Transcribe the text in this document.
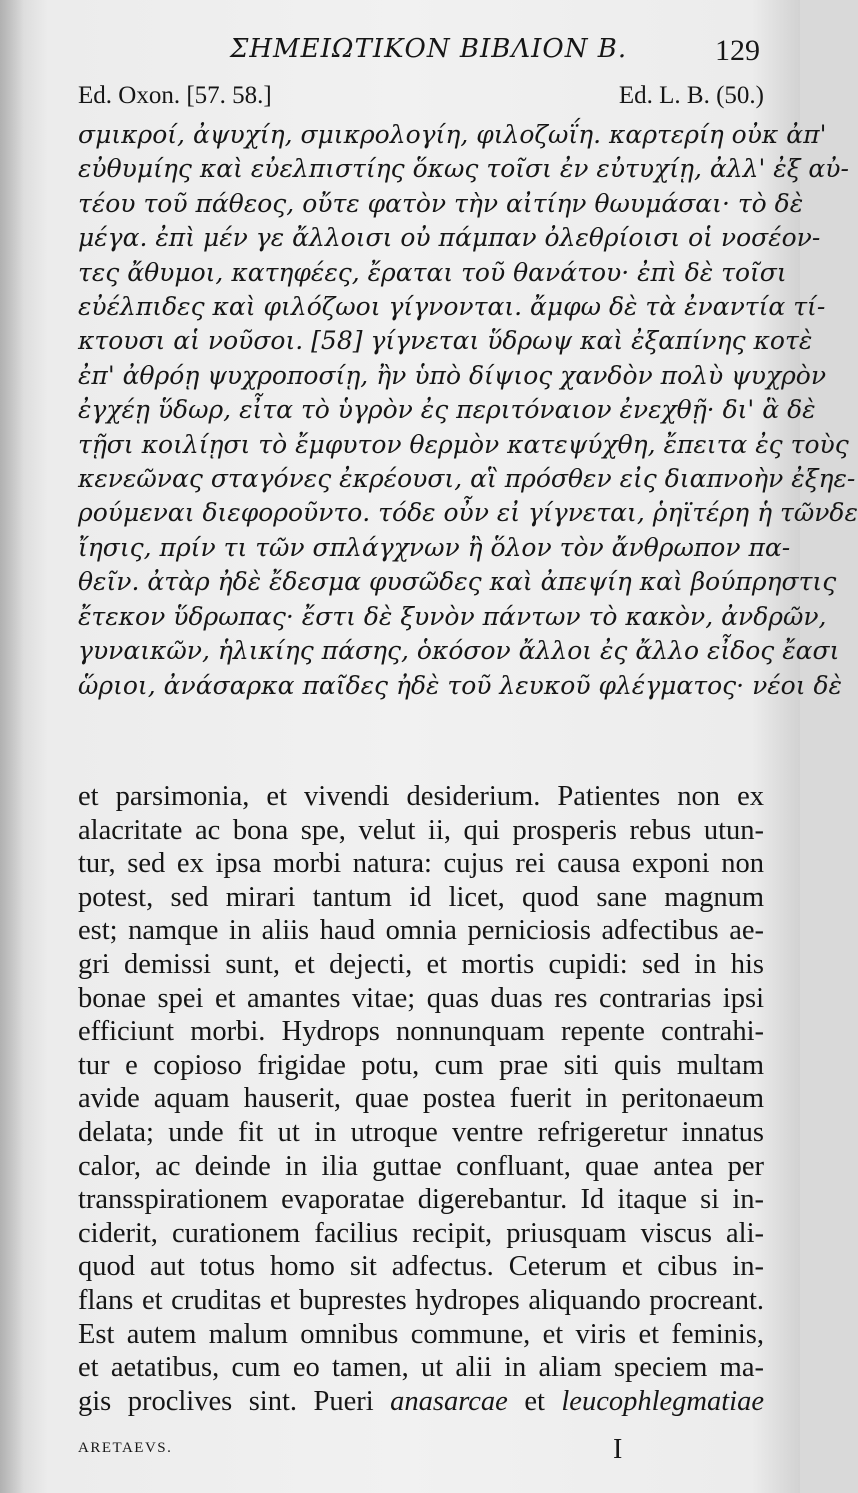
ΣΗΜΕΙΩΤΙΚΟΝ ΒΙΒΛΙΟΝ Β.	129
Ed. Oxon. [57. 58.]	Ed. L. B. (50.)
σμικροί, ἀψυχίη, σμικρολογίη, φιλοζωΐη. καρτερίη οὐκ ἀπ'
εὐθυμίης καὶ εὐελπιστίης ὅκως τοῖσι ἐν εὐτυχίῃ, ἀλλ' ἐξ αὐ-
τέου τοῦ πάθεος, οὔτε φατὸν τὴν αἰτίην θωυμάσαι· τὸ δὲ
μέγα. ἐπὶ μέν γε ἄλλοισι οὐ πάμπαν ὀλεθρίοισι οἱ νοσέον-
τες ἄθυμοι, κατηφέες, ἔραται τοῦ θανάτου· ἐπὶ δὲ τοῖσι
εὐέλπιδες καὶ φιλόζωοι γίγνονται. ἄμφω δὲ τὰ ἐναντία τί-
κτουσι αἱ νοῦσοι. [58] γίγνεται ὕδρωψ καὶ ἐξαπίνης κοτὲ
ἐπ' ἀθρόῃ ψυχροποσίῃ, ἢν ὑπὸ δίψιος χανδὸν πολὺ ψυχρὸν
ἐγχέῃ ὕδωρ, εἶτα τὸ ὑγρὸν ἐς περιτόναιον ἐνεχθῇ· δι' ἃ δὲ
τῇσι κοιλίῃσι τὸ ἔμφυτον θερμὸν κατεψύχθη, ἔπειτα ἐς τοὺς
κενεῶνας σταγόνες ἐκρέουσι, αἳ πρόσθεν εἰς διαπνοὴν ἐξηε-
ρούμεναι διεφοροῦντο. τόδε οὖν εἰ γίγνεται, ῥηϊτέρη ἡ τῶνδε
ἴησις, πρίν τι τῶν σπλάγχνων ἢ ὅλον τὸν ἄνθρωπον πα-
θεῖν. ἀτὰρ ἠδὲ ἔδεσμα φυσῶδες καὶ ἀπεψίη καὶ βούπρηστις
ἔτεκον ὕδρωπας· ἔστι δὲ ξυνὸν πάντων τὸ κακὸν, ἀνδρῶν,
γυναικῶν, ἡλικίης πάσης, ὁκόσον ἄλλοι ἐς ἄλλο εἶδος ἔασι
ὥριοι, ἀνάσαρκα παῖδες ἠδὲ τοῦ λευκοῦ φλέγματος· νέοι δὲ
et parsimonia, et vivendi desiderium. Patientes non ex
alacritate ac bona spe, velut ii, qui prosperis rebus utun-
tur, sed ex ipsa morbi natura: cujus rei causa exponi non
potest, sed mirari tantum id licet, quod sane magnum
est; namque in aliis haud omnia perniciosis adfectibus ae-
gri demissi sunt, et dejecti, et mortis cupidi: sed in his
bonae spei et amantes vitae; quas duas res contrarias ipsi
efficiunt morbi. Hydrops nonnunquam repente contrahi-
tur e copioso frigidae potu, cum prae siti quis multam
avide aquam hauserit, quae postea fuerit in peritonaeum
delata; unde fit ut in utroque ventre refrigeretur innatus
calor, ac deinde in ilia guttae confluant, quae antea per
transspirationem evaporatae digerebantur. Id itaque si in-
ciderit, curationem facilius recipit, priusquam viscus ali-
quod aut totus homo sit adfectus. Ceterum et cibus in-
flans et cruditas et buprestes hydropes aliquando procreant.
Est autem malum omnibus commune, et viris et feminis,
et aetatibus, cum eo tamen, ut alii in aliam speciem ma-
gis proclives sint. Pueri anasarcae et leucophlegmatiae
ARETAEVS.	I
